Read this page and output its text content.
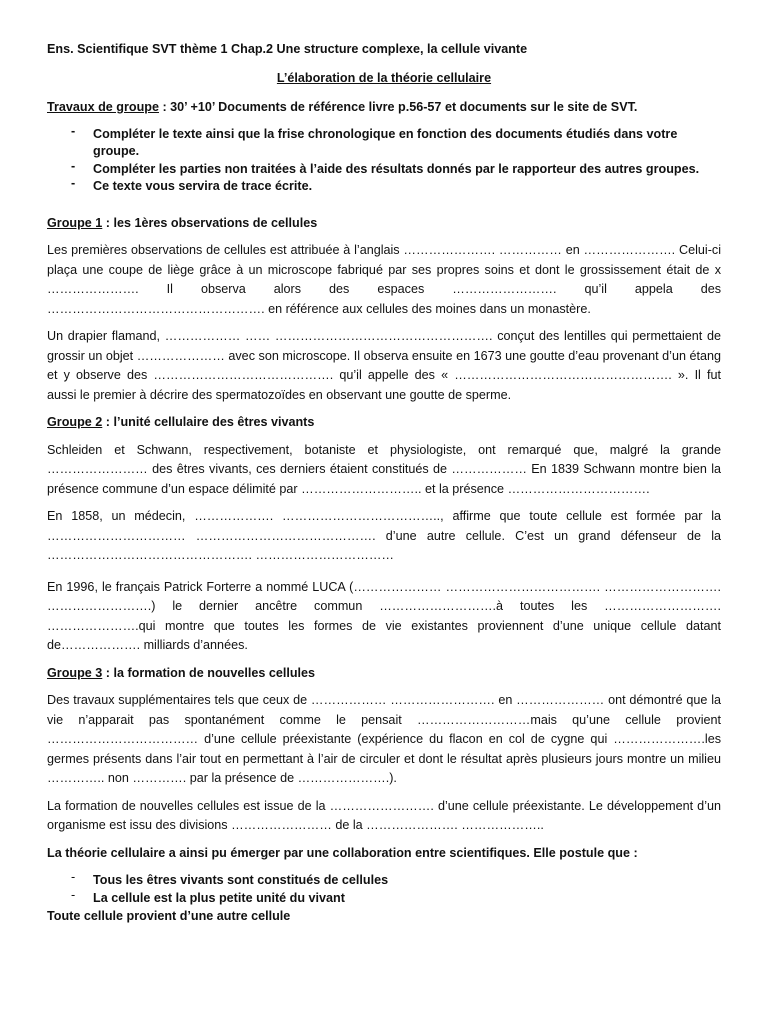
Ens. Scientifique SVT thème 1 Chap.2 Une structure complexe, la cellule vivante
L’élaboration de la théorie cellulaire
Travaux de groupe : 30’ +10’ Documents de référence livre p.56-57 et documents sur le site de SVT.
- Compléter le texte ainsi que la frise chronologique en fonction des documents étudiés dans votre groupe.
- Compléter les parties non traitées à l’aide des résultats donnés par le rapporteur des autres groupes.
- Ce texte vous servira de trace écrite.
Groupe 1 : les 1ères observations de cellules

Les premières observations de cellules est attribuée à l’anglais …………………. …………… en …………………. Celui-ci plaça une coupe de liège grâce à un microscope fabriqué par ses propres soins et dont le grossissement était de x …………………. Il observa alors des espaces ……………………. qu’il appela des ……………………………………………. en référence aux cellules des moines dans un monastère.

Un drapier flamand, ……………… …… ……………………………………………. conçut des lentilles qui permettaient de grossir un objet ………………… avec son microscope. Il observa ensuite en 1673 une goutte d’eau provenant d’un étang et y observe des ……………………………………. qu’il appelle des « ……………………………………………. ». Il fut aussi le premier à décrire des spermatozoïdes en observant une goutte de sperme.

Groupe 2 : l’unité cellulaire des êtres vivants

Schleiden et Schwann, respectivement, botaniste et physiologiste, ont remarqué que, malgré la grande …………………… des êtres vivants, ces derniers étaient constitués de ……………… En 1839 Schwann montre bien la présence commune d’un espace délimité par ……………………….. et la présence …………………………….

En 1858, un médecin, ………………. ……………………………….., affirme que toute cellule est formée par la …………………………… ……………………………………. d’une autre cellule. C’est un grand défenseur de la …………………………………………. ……………………………

En 1996, le français Patrick Forterre a nommé LUCA (………………… ………………………………. ………………………. …………………….) le dernier ancêtre commun ……………………….à toutes les ………………………. ………………….qui montre que toutes les formes de vie existantes proviennent d’une unique cellule datant de………………. milliards d’années.

Groupe 3 : la formation de nouvelles cellules

Des travaux supplémentaires tels que ceux de ……………… ……………………. en ………………… ont démontré que la vie n’apparait pas spontanément comme le pensait ………………………mais qu’une cellule provient ……………………………… d’une cellule préexistante (expérience du flacon en col de cygne qui ………………….les germes présents dans l’air tout en permettant à l’air de circuler et dont le résultat après plusieurs jours montre un milieu ………….. non …………. par la présence de ………………….).

La formation de nouvelles cellules est issue de la ……………………. d’une cellule préexistante. Le développement d’un organisme est issu des divisions …………………… de la …………………. ………………..

La théorie cellulaire a ainsi pu émerger par une collaboration entre scientifiques. Elle postule que :
- Tous les êtres vivants sont constitués de cellules
- La cellule est la plus petite unité du vivant
Toute cellule provient d’une autre cellule
